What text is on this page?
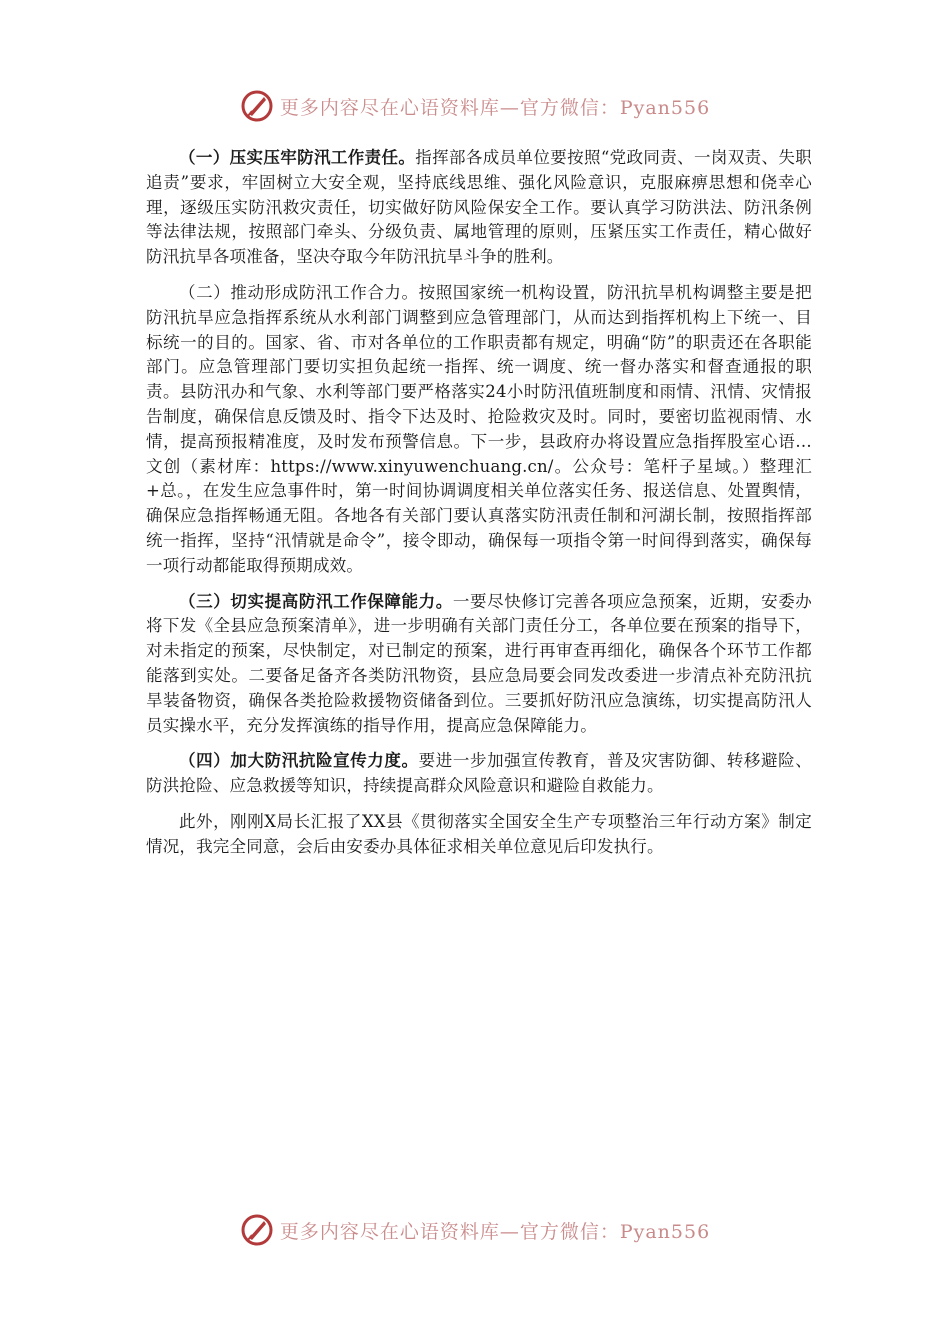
更多内容尽在心语资料库—官方微信：Pyan556

（一）压实压牢防汛工作责任。指挥部各成员单位要按照“党政同责、一岗双责、失职追责”要求，牢固树立大安全观，坚持底线思维、强化风险意识，克服麻痹思想和侥幸心理，逐级压实防汛救灾责任，切实做好防风险保安全工作。要认真学习防洪法、防汛条例等法律法规，按照部门牵头、分级负责、属地管理的原则，压紧压实工作责任，精心做好防汛抗旱各项准备，坚决夺取今年防汛抗旱斗争的胜利。

（二）推动形成防汛工作合力。按照国家统一机构设置，防汛抗旱机构调整主要是把防汛抗旱应急指挥系统从水利部门调整到应急管理部门，从而达到指挥机构上下统一、目标统一的目的。国家、省、市对各单位的工作职责都有规定，明确“防”的职责还在各职能部门。应急管理部门要切实担负起统一指挥、统一调度、统一督办落实和督查通报的职责。县防汛办和气象、水利等部门要严格落实24小时防汛值班制度和雨情、汛情、灾情报告制度，确保信息反馈及时、指令下达及时、抢险救灾及时。同时，要密切监视雨情、水情，提高预报精准度，及时发布预警信息。下一步，县政府办将设置应急指挥股室心语…文创（素材库：https://www.xinyuwenchuang.cn/。公众号：笔杆子星域。）整理汇+总。，在发生应急事件时，第一时间协调调度相关单位落实任务、报送信息、处置舆情，确保应急指挥畅通无阻。各地各有关部门要认真落实防汛责任制和河湖长制，按照指挥部统一指挥，坚持“汛情就是命令”，接令即动，确保每一项指令第一时间得到落实，确保每一项行动都能取得预期成效。

（三）切实提高防汛工作保障能力。一要尽快修订完善各项应急预案，近期，安委办将下发《全县应急预案清单》，进一步明确有关部门责任分工，各单位要在预案的指导下，对未指定的预案，尽快制定，对已制定的预案，进行再审查再细化，确保各个环节工作都能落到实处。二要备足备齐各类防汛物资，县应急局要会同发改委进一步清点补充防汛抗旱装备物资，确保各类抢险救援物资储备到位。三要抓好防汛应急演练，切实提高防汛人员实操水平，充分发挥演练的指导作用，提高应急保障能力。

（四）加大防汛抗险宣传力度。要进一步加强宣传教育，普及灾害防御、转移避险、防洪抢险、应急救援等知识，持续提高群众风险意识和避险自救能力。

此外，刚刚X局长汇报了XX县《贯彻落实全国安全生产专项整治三年行动方案》制定情况，我完全同意，会后由安委办具体征求相关单位意见后印发执行。

更多内容尽在心语资料库—官方微信：Pyan556
